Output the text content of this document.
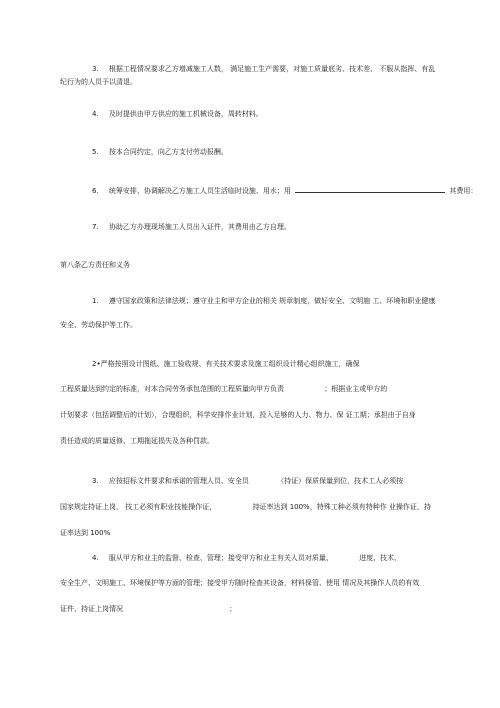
3. 根据工程情况要求乙方增减施工人数， 满足施工生产需要，对施工质量底劣、技术差、 不服从指挥、有乱
纪行为的人员予以清退。
4. 及时提供由甲方供应的施工机械设备，周转材料。
5. 按本合同约定，向乙方支付劳动报酬。
6. 统筹安排、协调解决乙方施工人员生活临时设施、用水；用	其费用：
7. 协助乙方办理现场施工人员出入证件，其费用由乙方自理。
第八条乙方责任和义务
1. 遵守国家政策和法律法规；遵守业主和甲方企业的相关 规章制度，做好安全、文明施 工、环境和职业健康
安全、劳动保护等工作。
2•严格按照设计图纸、施工验收规、有关技术要求及施工组织设计精心组织施工，确保
工程质量达到约定的标准，对本合同劳务承包范围的工程质量向甲方负责	；根据业主或甲方的
计划要求（包括调整后的计划），合理组织，科学安排作业计划，投入足够的人力、物力、保 证工期；承担由于自身
责任造成的质量返修、工期拖延损失及各种罚款。
3. 应按招标文件要求和承诺的管理人员、安全员	（持证）保质保量到位，技术工人必须按
国家规定持证上岗， 技工必须有职业技能操作证，	持证率达到 100%，特殊工种必须有特种作 业操作证，持
证率达到 100%
4. 服从甲方和业主的监督、检查、管理；接受甲方和业主有关人员对质量、	进度、技术、
安全生产、文明施工、环境保护等方面的管理；接受甲方随时检查其设备，材料保管、使用 情况及其操作人员的有效
证件、持证上岗情况	；
